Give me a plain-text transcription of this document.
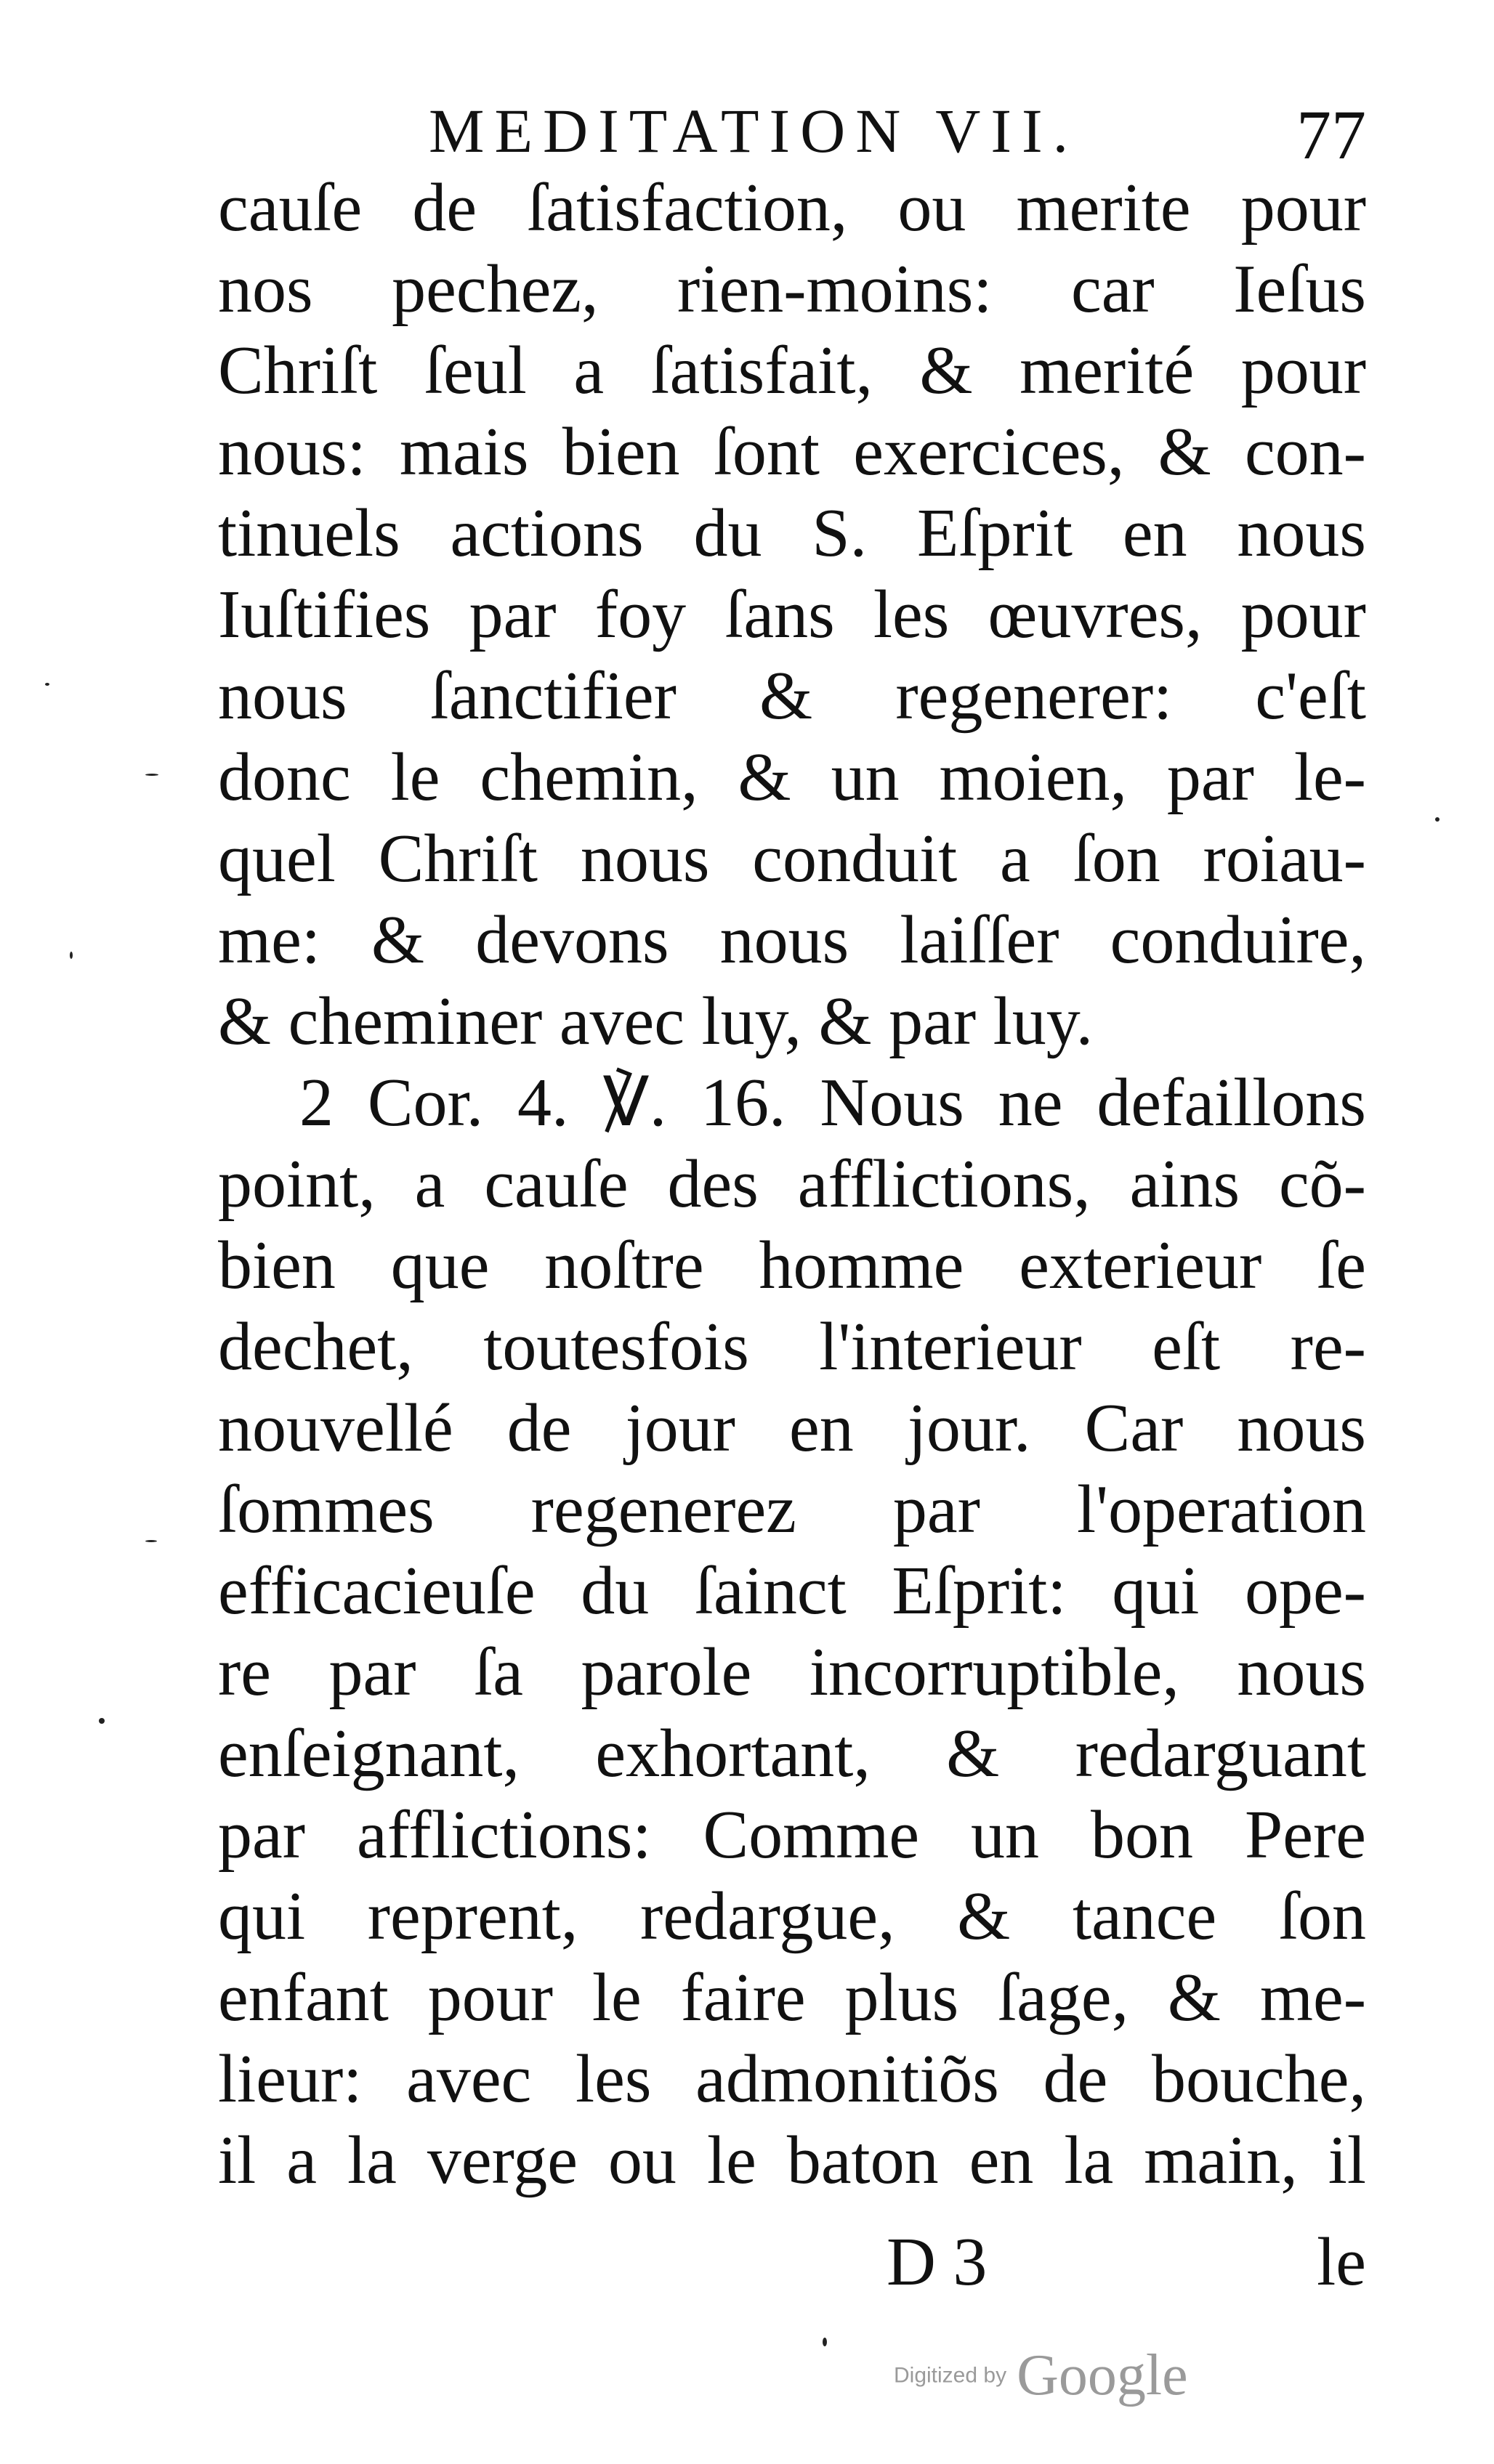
MEDITATION VII.	77
cauſe de ſatisfaction, ou merite pour
nos pechez, rien-moins: car Ieſus
Chriſt ſeul a ſatisfait, & merité pour
nous: mais bien ſont exercices, & con-
tinuels actions du S. Eſprit en nous
Iuſtifies par foy ſans les œuvres, pour
nous ſanctifier & regenerer: c'eſt
donc le chemin, & un moien, par le-
quel Chriſt nous conduit a ſon roiau-
me: & devons nous laiſſer conduire,
& cheminer avec luy, & par luy.
2 Cor. 4. ℣. 16. Nous ne defaillons
point, a cauſe des afflictions, ains cõ-
bien que noſtre homme exterieur ſe
dechet, toutesfois l'interieur eſt re-
nouvellé de jour en jour. Car nous
ſommes regenerez par l'operation
efficacieuſe du ſainct Eſprit: qui ope-
re par ſa parole incorruptible, nous
enſeignant, exhortant, & redarguant
par afflictions: Comme un bon Pere
qui reprent, redargue, & tance ſon
enfant pour le faire plus ſage, & me-
lieur: avec les admonitiõs de bouche,
il a la verge ou le baton en la main, il
D 3	le
Digitized by Google
